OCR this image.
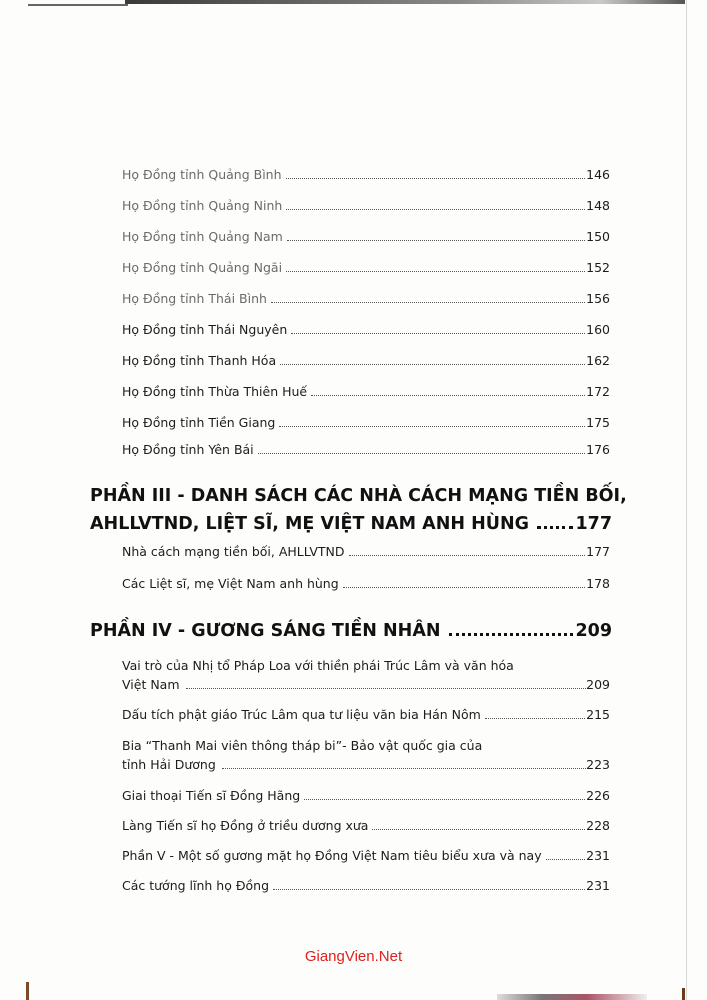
Họ Đồng tỉnh Quảng Bình	146
Họ Đồng tỉnh Quảng Ninh	148
Họ Đồng tỉnh Quảng Nam	150
Họ Đồng tỉnh Quảng Ngãi	152
Họ Đồng tỉnh Thái Bình	156
Họ Đồng tỉnh Thái Nguyên	160
Họ Đồng tỉnh Thanh Hóa	162
Họ Đồng tỉnh Thừa Thiên Huế	172
Họ Đồng tỉnh Tiền Giang	175
Họ Đồng tỉnh Yên Bái	176
PHẦN III - DANH SÁCH CÁC NHÀ CÁCH MẠNG TIỀN BỐI,
AHLLVTND, LIỆT SĨ, MẸ VIỆT NAM ANH HÙNG	177
Nhà cách mạng tiền bối, AHLLVTND	177
Các Liệt sĩ, mẹ Việt Nam anh hùng	178
PHẦN IV - GƯƠNG SÁNG TIỀN NHÂN	209
Vai trò của Nhị tổ Pháp Loa với thiền phái Trúc Lâm và văn hóa
Việt Nam	209
Dấu tích phật giáo Trúc Lâm qua tư liệu văn bia Hán Nôm	215
Bia “Thanh Mai viên thông tháp bi”- Bảo vật quốc gia của
tỉnh Hải Dương	223
Giai thoại Tiến sĩ Đồng Hãng	226
Làng Tiến sĩ họ Đồng ở triều dương xưa	228
Phần V - Một số gương mặt họ Đồng Việt Nam tiêu biểu xưa và nay	231
Các tướng lĩnh họ Đồng	231
GiangVien.Net
